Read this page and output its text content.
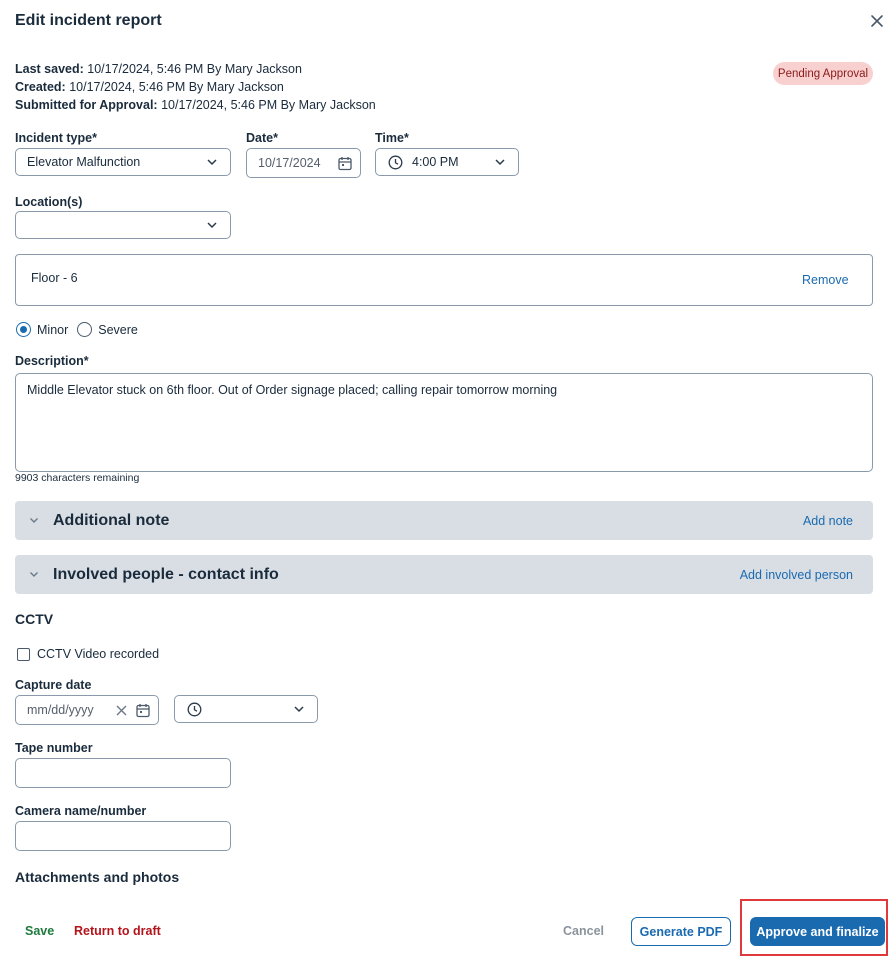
Edit incident report
Last saved: 10/17/2024, 5:46 PM By Mary Jackson
Created: 10/17/2024, 5:46 PM By Mary Jackson
Submitted for Approval: 10/17/2024, 5:46 PM By Mary Jackson
Pending Approval
Incident type*
Elevator Malfunction
Date*
10/17/2024
Time*
4:00 PM
Location(s)
Floor - 6	Remove
Minor Severe
Description*
Middle Elevator stuck on 6th floor. Out of Order signage placed; calling repair tomorrow morning
9903 characters remaining
Additional note	Add note
Involved people - contact info	Add involved person
CCTV
CCTV Video recorded
Capture date
mm/dd/yyyy
Tape number
Camera name/number
Attachments and photos
Save Return to draft	Cancel	Generate PDF	Approve and finalize
